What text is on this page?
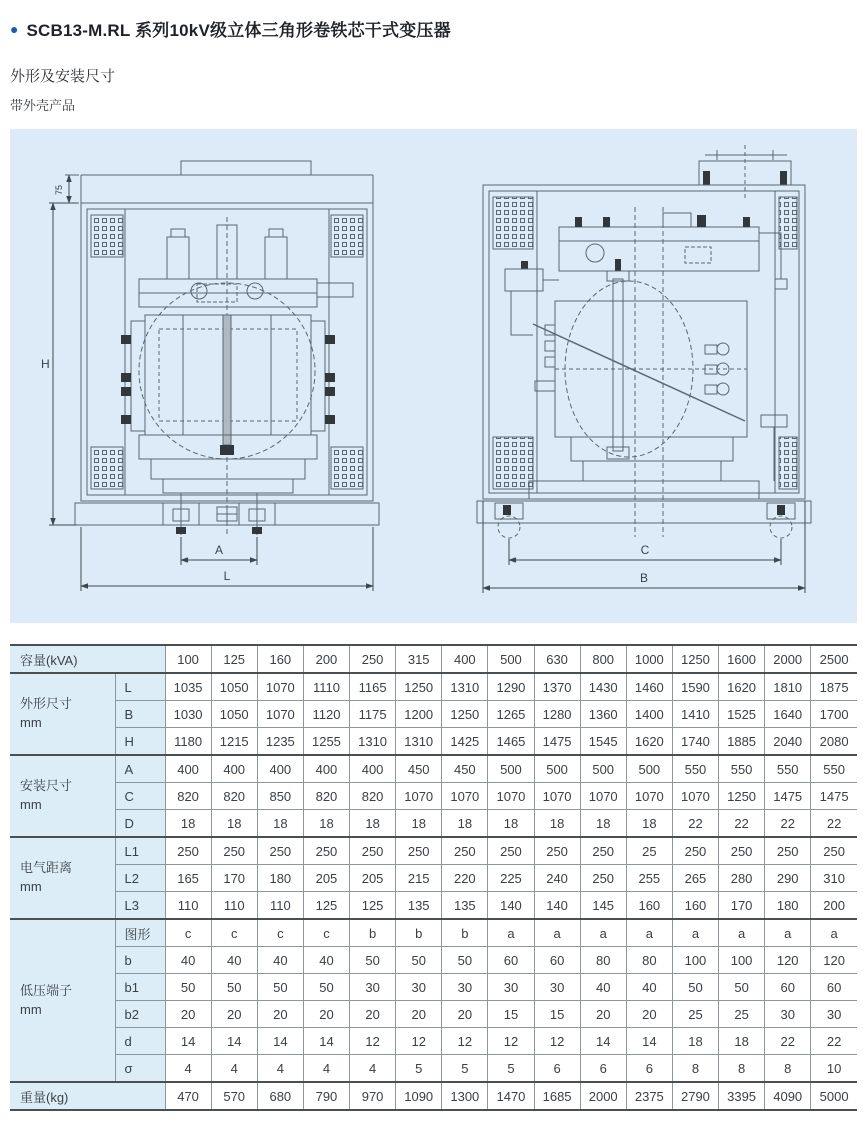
● SCB13-M.RL 系列10kV级立体三角形卷铁芯干式变压器
外形及安装尺寸
带外壳产品
75
H
A
L
C
B
容量(kVA)		100	125	160	200	250	315	400	500	630	800	1000	1250	1600	2000	2500

外形尺寸
mm	L	1035	1050	1070	1110	1165	1250	1310	1290	1370	1430	1460	1590	1620	1810	1875
	B	1030	1050	1070	1120	1175	1200	1250	1265	1280	1360	1400	1410	1525	1640	1700
	H	1180	1215	1235	1255	1310	1310	1425	1465	1475	1545	1620	1740	1885	2040	2080

安装尺寸
mm	A	400	400	400	400	400	450	450	500	500	500	500	550	550	550	550
	C	820	820	850	820	820	1070	1070	1070	1070	1070	1070	1070	1250	1475	1475
	D	18	18	18	18	18	18	18	18	18	18	18	22	22	22	22

电气距离
mm	L1	250	250	250	250	250	250	250	250	250	250	25	250	250	250	250
	L2	165	170	180	205	205	215	220	225	240	250	255	265	280	290	310
	L3	110	110	110	125	125	135	135	140	140	145	160	160	170	180	200

低压端子
mm	图形	c	c	c	c	b	b	b	a	a	a	a	a	a	a	a
	b	40	40	40	40	50	50	50	60	60	80	80	100	100	120	120
	b1	50	50	50	50	30	30	30	30	30	40	40	50	50	60	60
	b2	20	20	20	20	20	20	20	15	15	20	20	25	25	30	30
	d	14	14	14	14	12	12	12	12	12	14	14	18	18	22	22
	σ	4	4	4	4	4	5	5	5	6	6	6	8	8	8	10
重量(kg)		470	570	680	790	970	1090	1300	1470	1685	2000	2375	2790	3395	4090	5000
